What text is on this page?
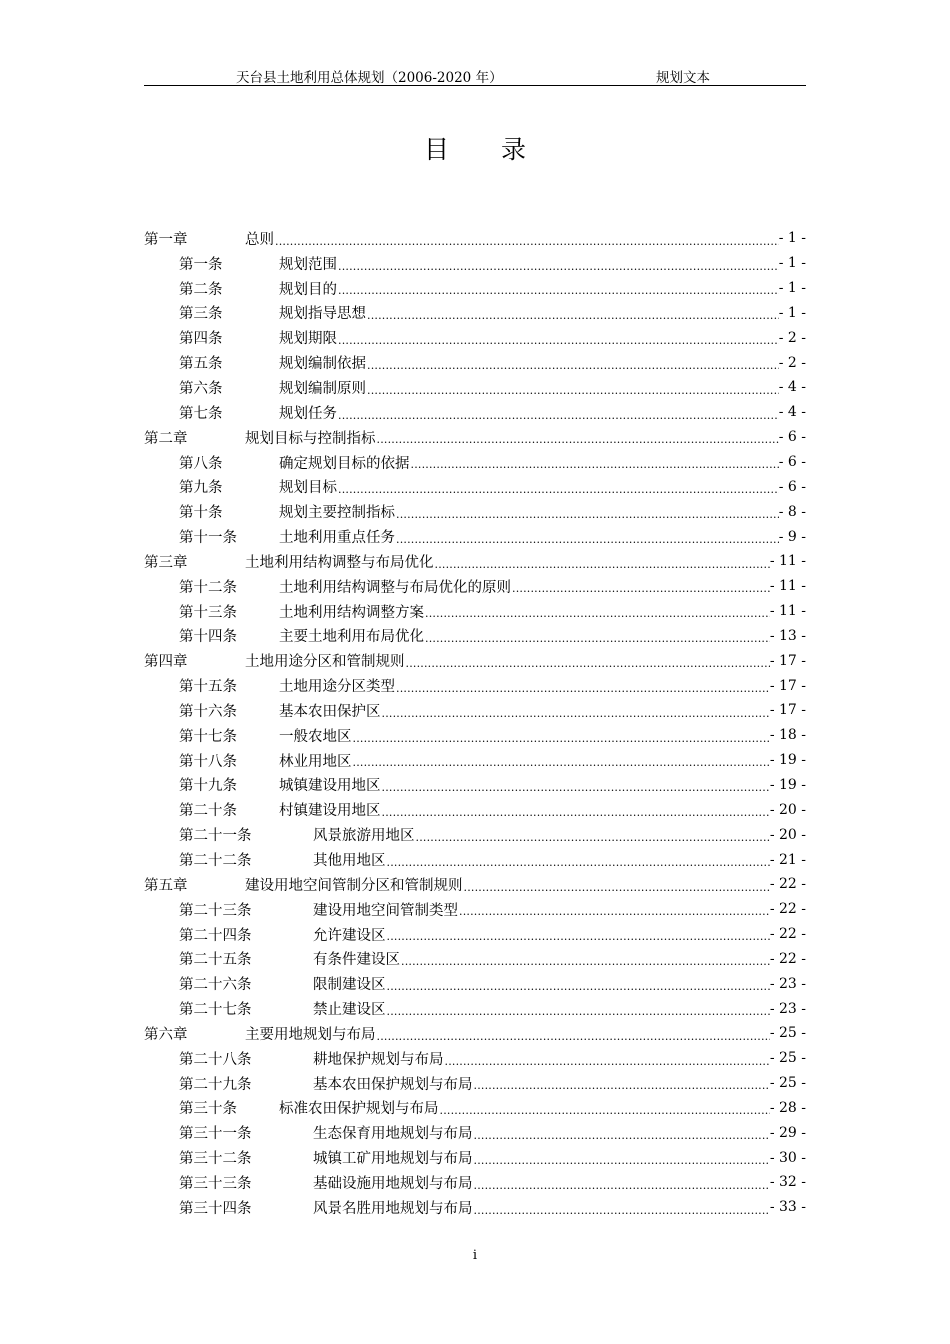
天台县土地利用总体规划（2006-2020 年）	规划文本
目 录
第一章	总则 .....	- 1 -
第一条	规划范围 .....	- 1 -
第二条	规划目的 .....	- 1 -
第三条	规划指导思想 .....	- 1 -
第四条	规划期限 .....	- 2 -
第五条	规划编制依据 .....	- 2 -
第六条	规划编制原则 .....	- 4 -
第七条	规划任务 .....	- 4 -
第二章	规划目标与控制指标 .....	- 6 -
第八条	确定规划目标的依据 .....	- 6 -
第九条	规划目标 .....	- 6 -
第十条	规划主要控制指标 .....	- 8 -
第十一条	土地利用重点任务 .....	- 9 -
第三章	土地利用结构调整与布局优化 .....	- 11 -
第十二条	土地利用结构调整与布局优化的原则 .....	- 11 -
第十三条	土地利用结构调整方案 .....	- 11 -
第十四条	主要土地利用布局优化 .....	- 13 -
第四章	土地用途分区和管制规则 .....	- 17 -
第十五条	土地用途分区类型 .....	- 17 -
第十六条	基本农田保护区 .....	- 17 -
第十七条	一般农地区 .....	- 18 -
第十八条	林业用地区 .....	- 19 -
第十九条	城镇建设用地区 .....	- 19 -
第二十条	村镇建设用地区 .....	- 20 -
第二十一条	风景旅游用地区 .....	- 20 -
第二十二条	其他用地区 .....	- 21 -
第五章	建设用地空间管制分区和管制规则 .....	- 22 -
第二十三条	建设用地空间管制类型 .....	- 22 -
第二十四条	允许建设区 .....	- 22 -
第二十五条	有条件建设区 .....	- 22 -
第二十六条	限制建设区 .....	- 23 -
第二十七条	禁止建设区 .....	- 23 -
第六章	主要用地规划与布局 .....	- 25 -
第二十八条	耕地保护规划与布局 .....	- 25 -
第二十九条	基本农田保护规划与布局 .....	- 25 -
第三十条	标准农田保护规划与布局 .....	- 28 -
第三十一条	生态保育用地规划与布局 .....	- 29 -
第三十二条	城镇工矿用地规划与布局 .....	- 30 -
第三十三条	基础设施用地规划与布局 .....	- 32 -
第三十四条	风景名胜用地规划与布局 .....	- 33 -
i
